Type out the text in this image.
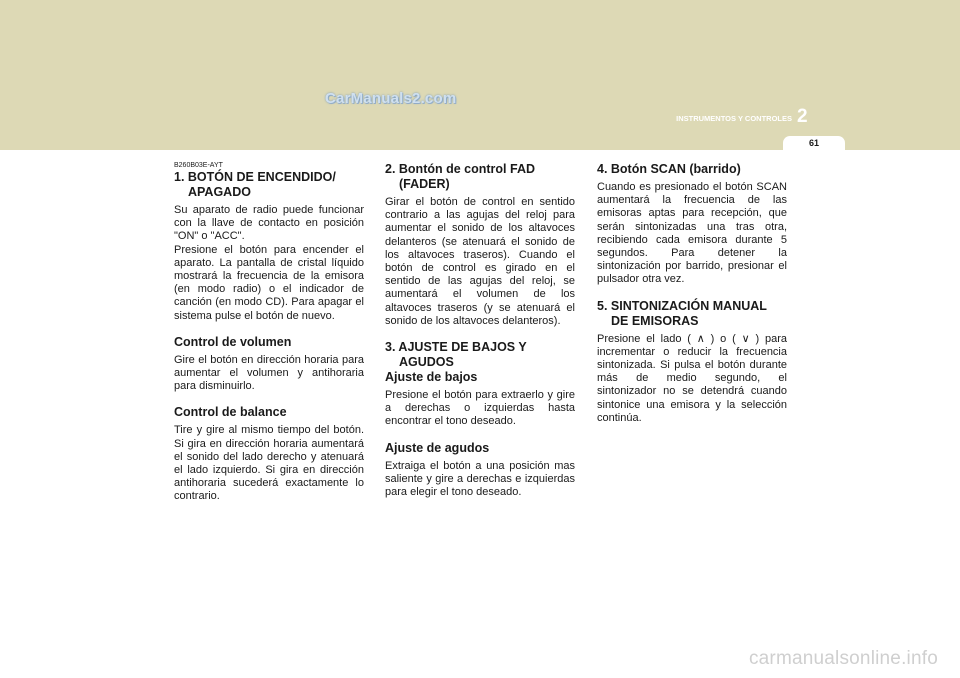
CarManuals2.com
INSTRUMENTOS Y CONTROLES 2
61
B260B03E-AYT
1. BOTÓN DE ENCENDIDO/ APAGADO

Su aparato de radio puede funcionar con la llave de contacto en posición "ON" o "ACC".

Presione el botón para encender el aparato. La pantalla de cristal líquido mostrará la frecuencia de la emisora (en modo radio) o el indicador de canción (en modo CD). Para apagar el sistema pulse el botón de nuevo.

Control de volumen

Gire el botón en dirección horaria para aumentar el volumen y antihoraria para disminuirlo.

Control de balance

Tire y gire al mismo tiempo del botón. Si gira en dirección horaria aumentará el sonido del lado derecho y atenuará el lado izquierdo. Si gira en dirección antihoraria sucederá exactamente lo contrario.

2. Bontón de control FAD (FADER)

Girar el botón de control en sentido contrario a las agujas del reloj para aumentar el sonido de los altavoces delanteros (se atenuará el sonido de los altavoces traseros). Cuando el botón de control es girado en el sentido de las agujas del reloj, se aumentará el volumen de los altavoces traseros (y se atenuará el sonido de los altavoces delanteros).

3. AJUSTE DE BAJOS Y AGUDOS
Ajuste de bajos

Presione el botón para extraerlo y gire a derechas o izquierdas hasta encontrar el tono deseado.

Ajuste de agudos

Extraiga el botón a una posición mas saliente y gire a derechas e izquierdas para elegir el tono deseado.

4. Botón SCAN (barrido)

Cuando es presionado el botón SCAN aumentará la frecuencia de las emisoras aptas para recepción, que serán sintonizadas una tras otra, recibiendo cada emisora durante 5 segundos. Para detener la sintonización por barrido, presionar el pulsador otra vez.

5. SINTONIZACIÓN MANUAL DE EMISORAS

Presione el lado ( ∧ ) o ( ∨ ) para incrementar o reducir la frecuencia sintonizada. Si pulsa el botón durante más de medio segundo, el sintonizador no se detendrá cuando sintonice una emisora y la selección continúa.

carmanualsonline.info
